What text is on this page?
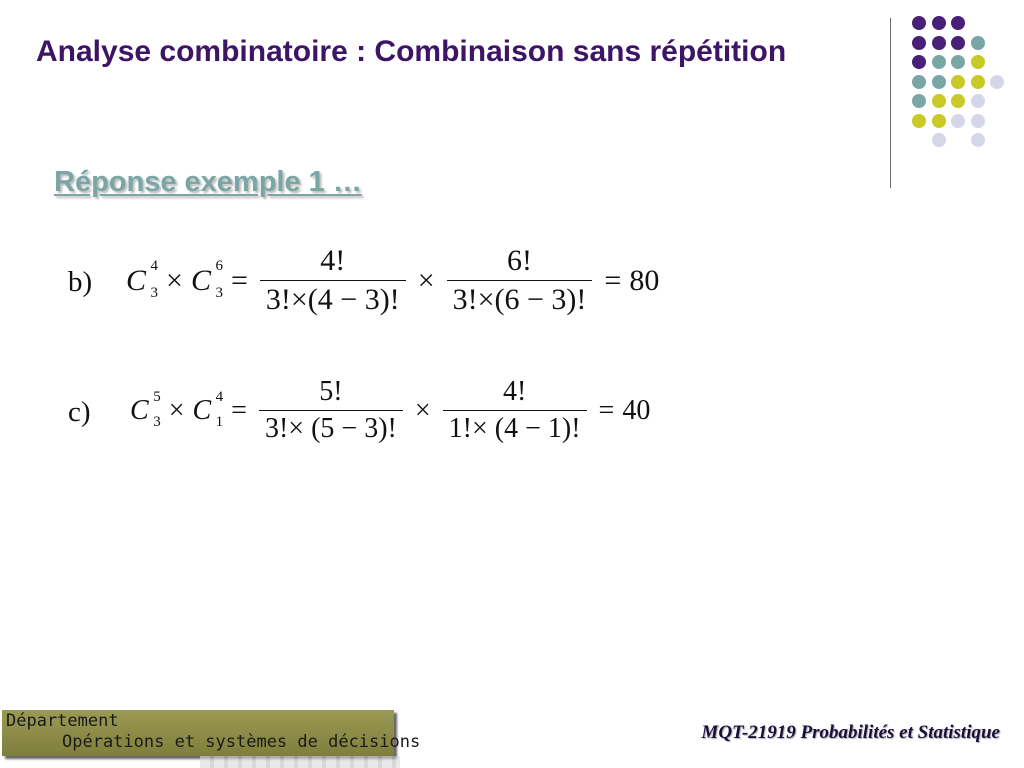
Analyse combinatoire : Combinaison sans répétition
Réponse exemple 1 …
b) C 4
3 × C 6
$3 = \frac{4!}{3!\times(4 - 3)!} \times \frac{6!}{3!\times(6 - 3)!} = 80$
c) C 5
3 × C 4
$1 = \frac{5!}{3!\times (5 - 3)!} \times \frac{4!}{1!\times (4 - 1)!} = 40$
Département
Opérations et systèmes de décisions	MQT-21919 Probabilités et Statistique
